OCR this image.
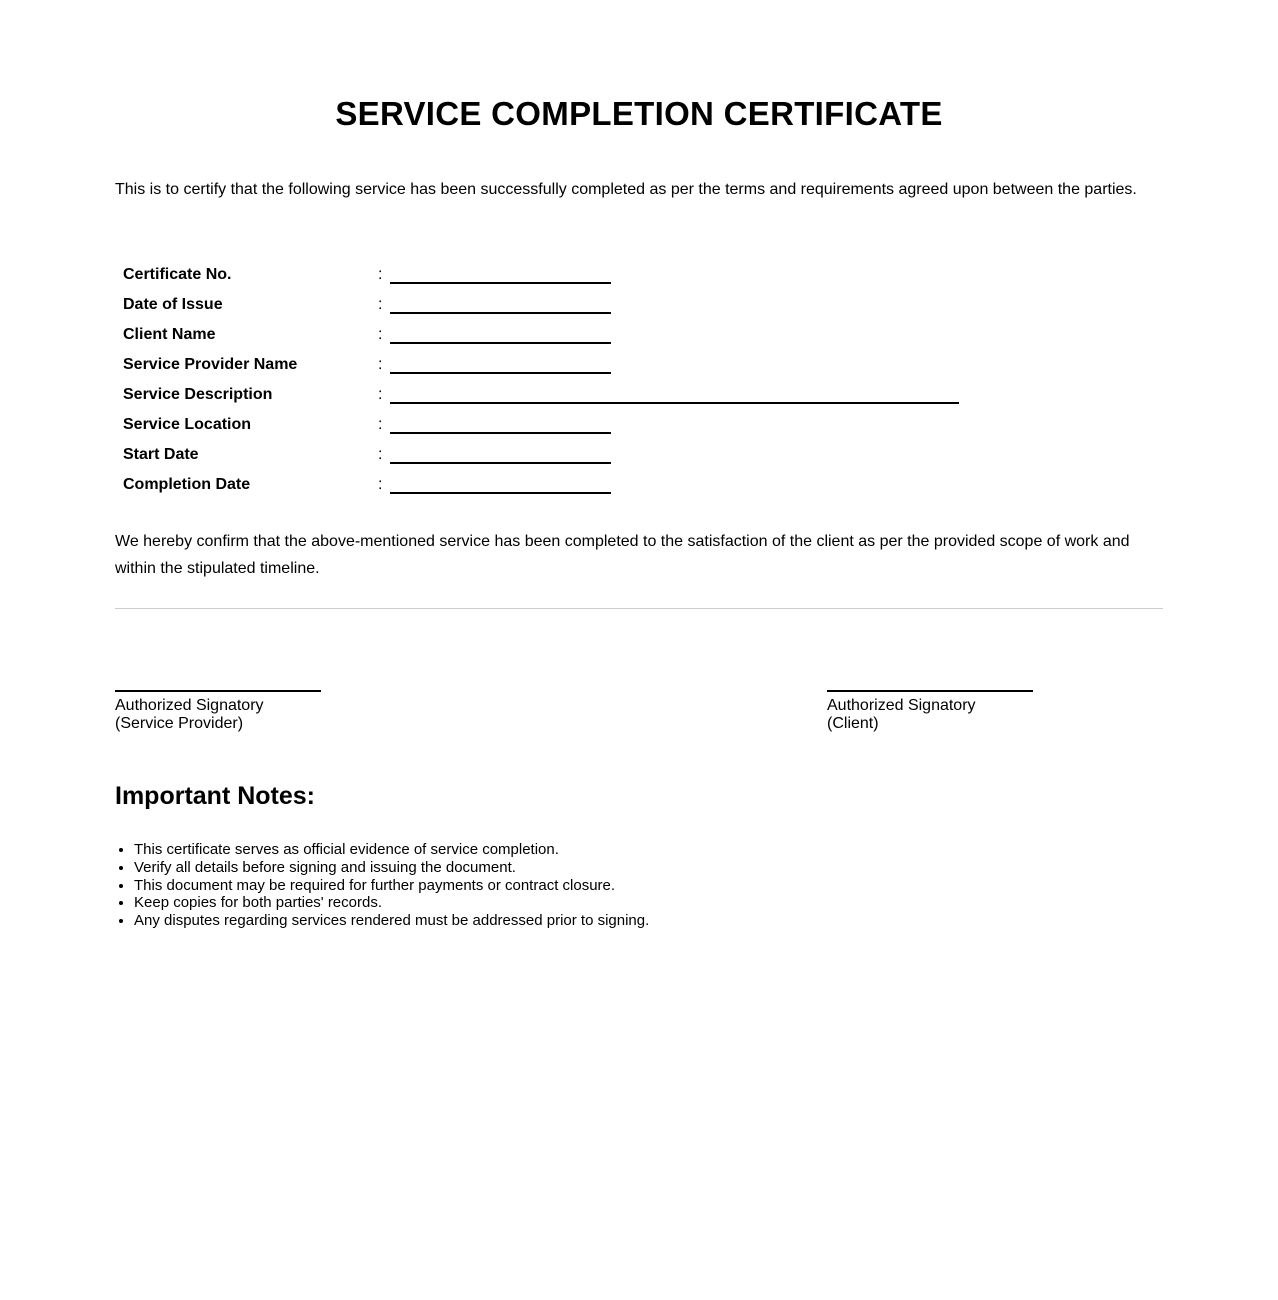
SERVICE COMPLETION CERTIFICATE

This is to certify that the following service has been successfully completed as per the terms and requirements agreed upon between the parties.

Certificate No.	:
Date of Issue	:
Client Name	:
Service Provider Name	:
Service Description	:
Service Location	:
Start Date	:
Completion Date	:

We hereby confirm that the above-mentioned service has been completed to the satisfaction of the client as per the provided scope of work and within the stipulated timeline.

Authorized Signatory
(Service Provider)
Authorized Signatory
(Client)
Important Notes:
• This certificate serves as official evidence of service completion.
• Verify all details before signing and issuing the document.
• This document may be required for further payments or contract closure.
• Keep copies for both parties' records.
• Any disputes regarding services rendered must be addressed prior to signing.
